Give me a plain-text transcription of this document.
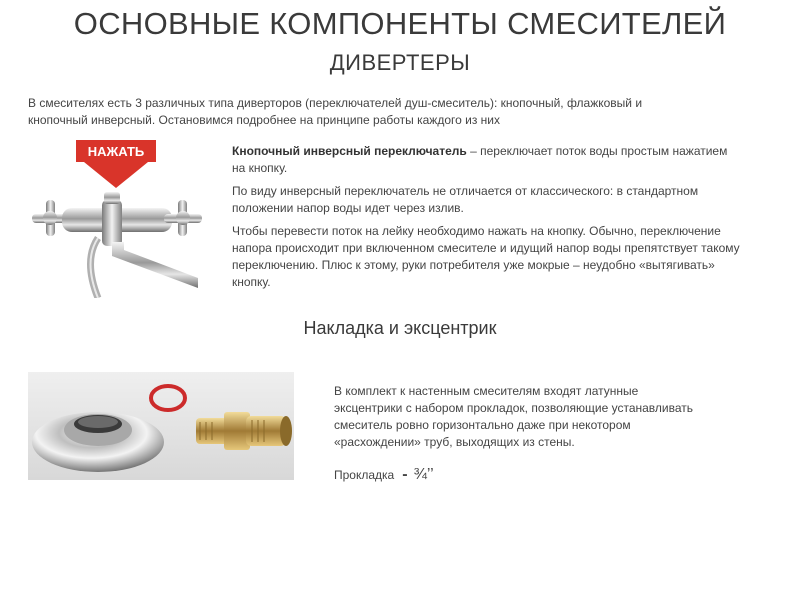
ОСНОВНЫЕ КОМПОНЕНТЫ СМЕСИТЕЛЕЙ
ДИВЕРТЕРЫ
В смесителях есть 3 различных типа диверторов (переключателей душ-смеситель): кнопочный, флажковый и
кнопочный инверсный. Остановимся подробнее на принципе работы каждого из них
НАЖАТЬ	Кнопочный инверсный переключатель – переключает поток воды простым нажатием на кнопку.

По виду инверсный переключатель не отличается от классического: в стандартном положении напор воды идет через излив.

Чтобы перевести поток на лейку необходимо нажать на кнопку. Обычно, переключение напора происходит при включенном смесителе и идущий напор воды препятствует такому переключению. Плюс к этому, руки потребителя уже мокрые – неудобно «вытягивать» кнопку.

Накладка и эксцентрик
В комплект к настенным смесителям входят латунные эксцентрики с набором прокладок, позволяющие устанавливать смеситель ровно горизонтально даже при некотором «расхождении» труб, выходящих из стены.
Прокладка - ¾’’
